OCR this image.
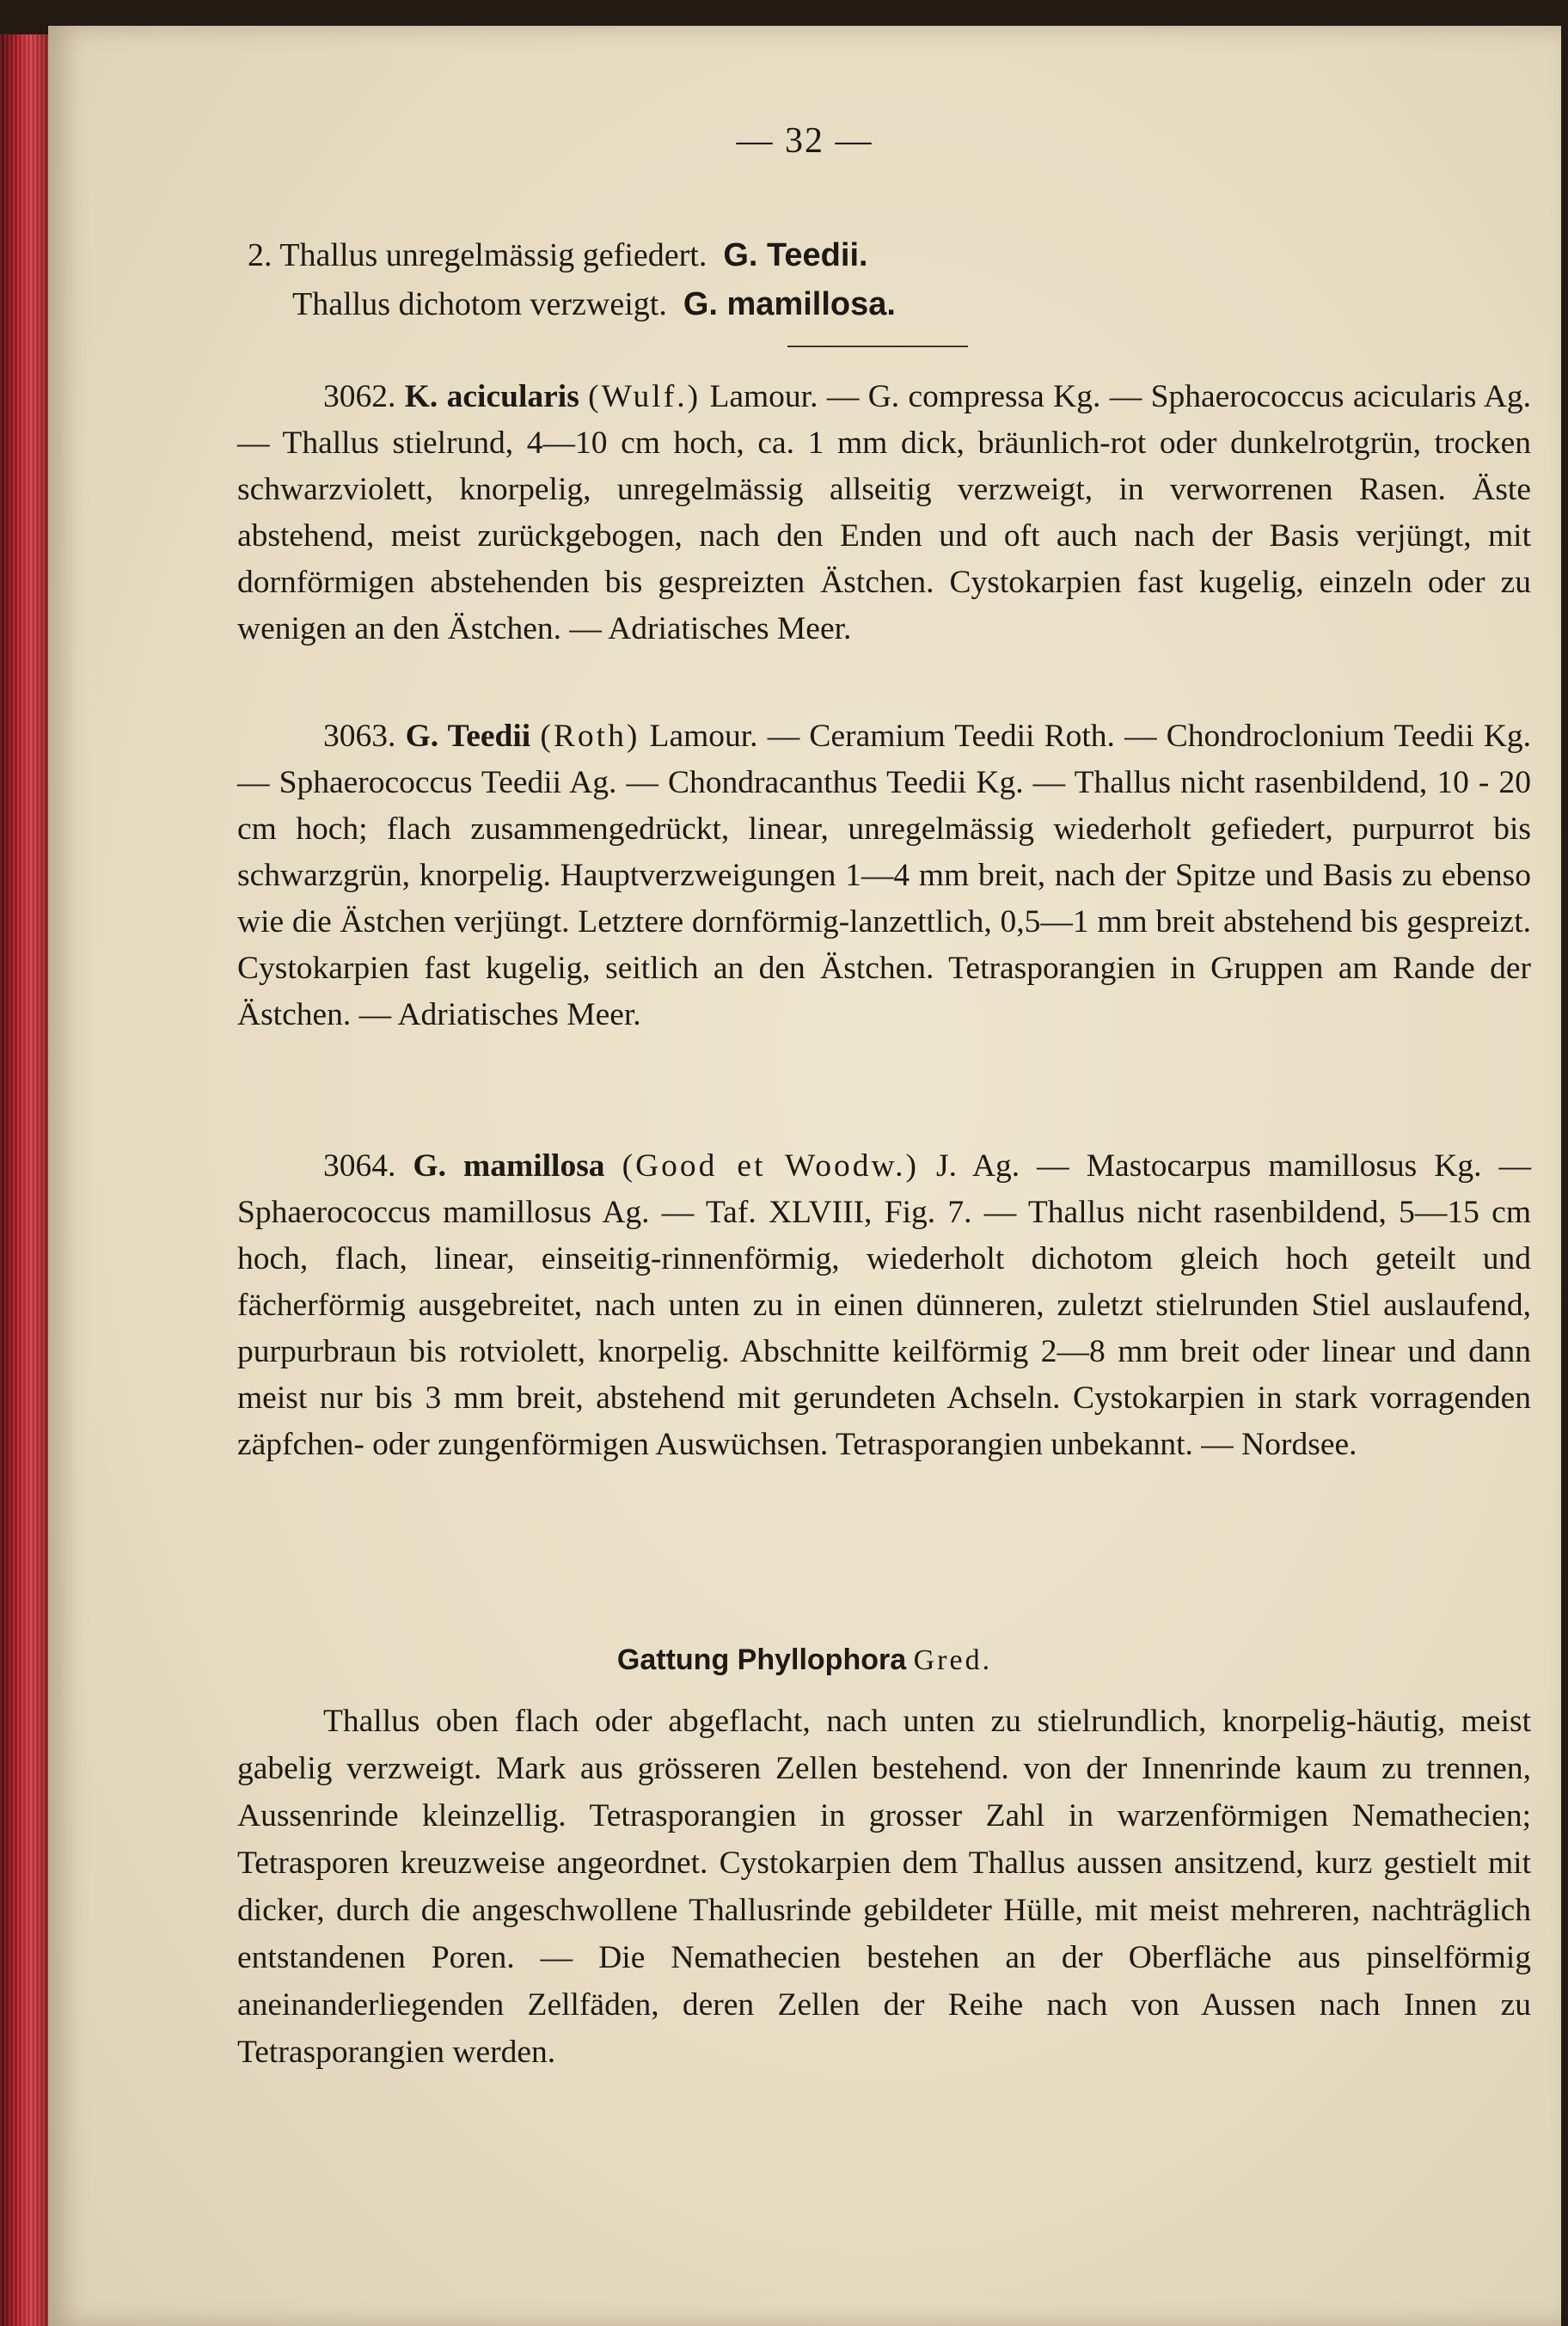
— 32 —
2. Thallus unregelmässig gefiedert. G. Teedii.
Thallus dichotom verzweigt. G. mamillosa.

3062. K. acicularis (Wulf.) Lamour. — G. compressa Kg. — Sphaerococcus acicularis Ag. — Thallus stielrund, 4—10 cm hoch, ca. 1 mm dick, bräunlich-rot oder dunkelrotgrün, trocken schwarzviolett, knorpelig, unregelmässig allseitig verzweigt, in verworrenen Rasen. Äste abstehend, meist zurückgebogen, nach den Enden und oft auch nach der Basis verjüngt, mit dornförmigen abstehenden bis gespreizten Ästchen. Cystokarpien fast kugelig, einzeln oder zu wenigen an den Ästchen. — Adriatisches Meer.

3063. G. Teedii (Roth) Lamour. — Ceramium Teedii Roth. — Chondroclonium Teedii Kg. — Sphaerococcus Teedii Ag. — Chondracanthus Teedii Kg. — Thallus nicht rasenbildend, 10 - 20 cm hoch; flach zusammengedrückt, linear, unregelmässig wiederholt gefiedert, purpurrot bis schwarzgrün, knorpelig. Hauptverzweigungen 1—4 mm breit, nach der Spitze und Basis zu ebenso wie die Ästchen verjüngt. Letztere dornförmig-lanzettlich, 0,5—1 mm breit abstehend bis gespreizt. Cystokarpien fast kugelig, seitlich an den Ästchen. Tetrasporangien in Gruppen am Rande der Ästchen. — Adriatisches Meer.

3064. G. mamillosa (Good et Woodw.) J. Ag. — Mastocarpus mamillosus Kg. — Sphaerococcus mamillosus Ag. — Taf. XLVIII, Fig. 7. — Thallus nicht rasenbildend, 5—15 cm hoch, flach, linear, einseitig-rinnenförmig, wiederholt dichotom gleich hoch geteilt und fächerförmig ausgebreitet, nach unten zu in einen dünneren, zuletzt stielrunden Stiel auslaufend, purpurbraun bis rotviolett, knorpelig. Abschnitte keilförmig 2—8 mm breit oder linear und dann meist nur bis 3 mm breit, abstehend mit gerundeten Achseln. Cystokarpien in stark vorragenden zäpfchen- oder zungenförmigen Auswüchsen. Tetrasporangien unbekannt. — Nordsee.

Gattung Phyllophora Gred.

Thallus oben flach oder abgeflacht, nach unten zu stielrundlich, knorpelig-häutig, meist gabelig verzweigt. Mark aus grösseren Zellen bestehend. von der Innenrinde kaum zu trennen, Aussenrinde kleinzellig. Tetrasporangien in grosser Zahl in warzenförmigen Nemathecien; Tetrasporen kreuzweise angeordnet. Cystokarpien dem Thallus aussen ansitzend, kurz gestielt mit dicker, durch die angeschwollene Thallusrinde gebildeter Hülle, mit meist mehreren, nachträglich entstandenen Poren. — Die Nemathecien bestehen an der Oberfläche aus pinselförmig aneinanderliegenden Zellfäden, deren Zellen der Reihe nach von Aussen nach Innen zu Tetrasporangien werden.
